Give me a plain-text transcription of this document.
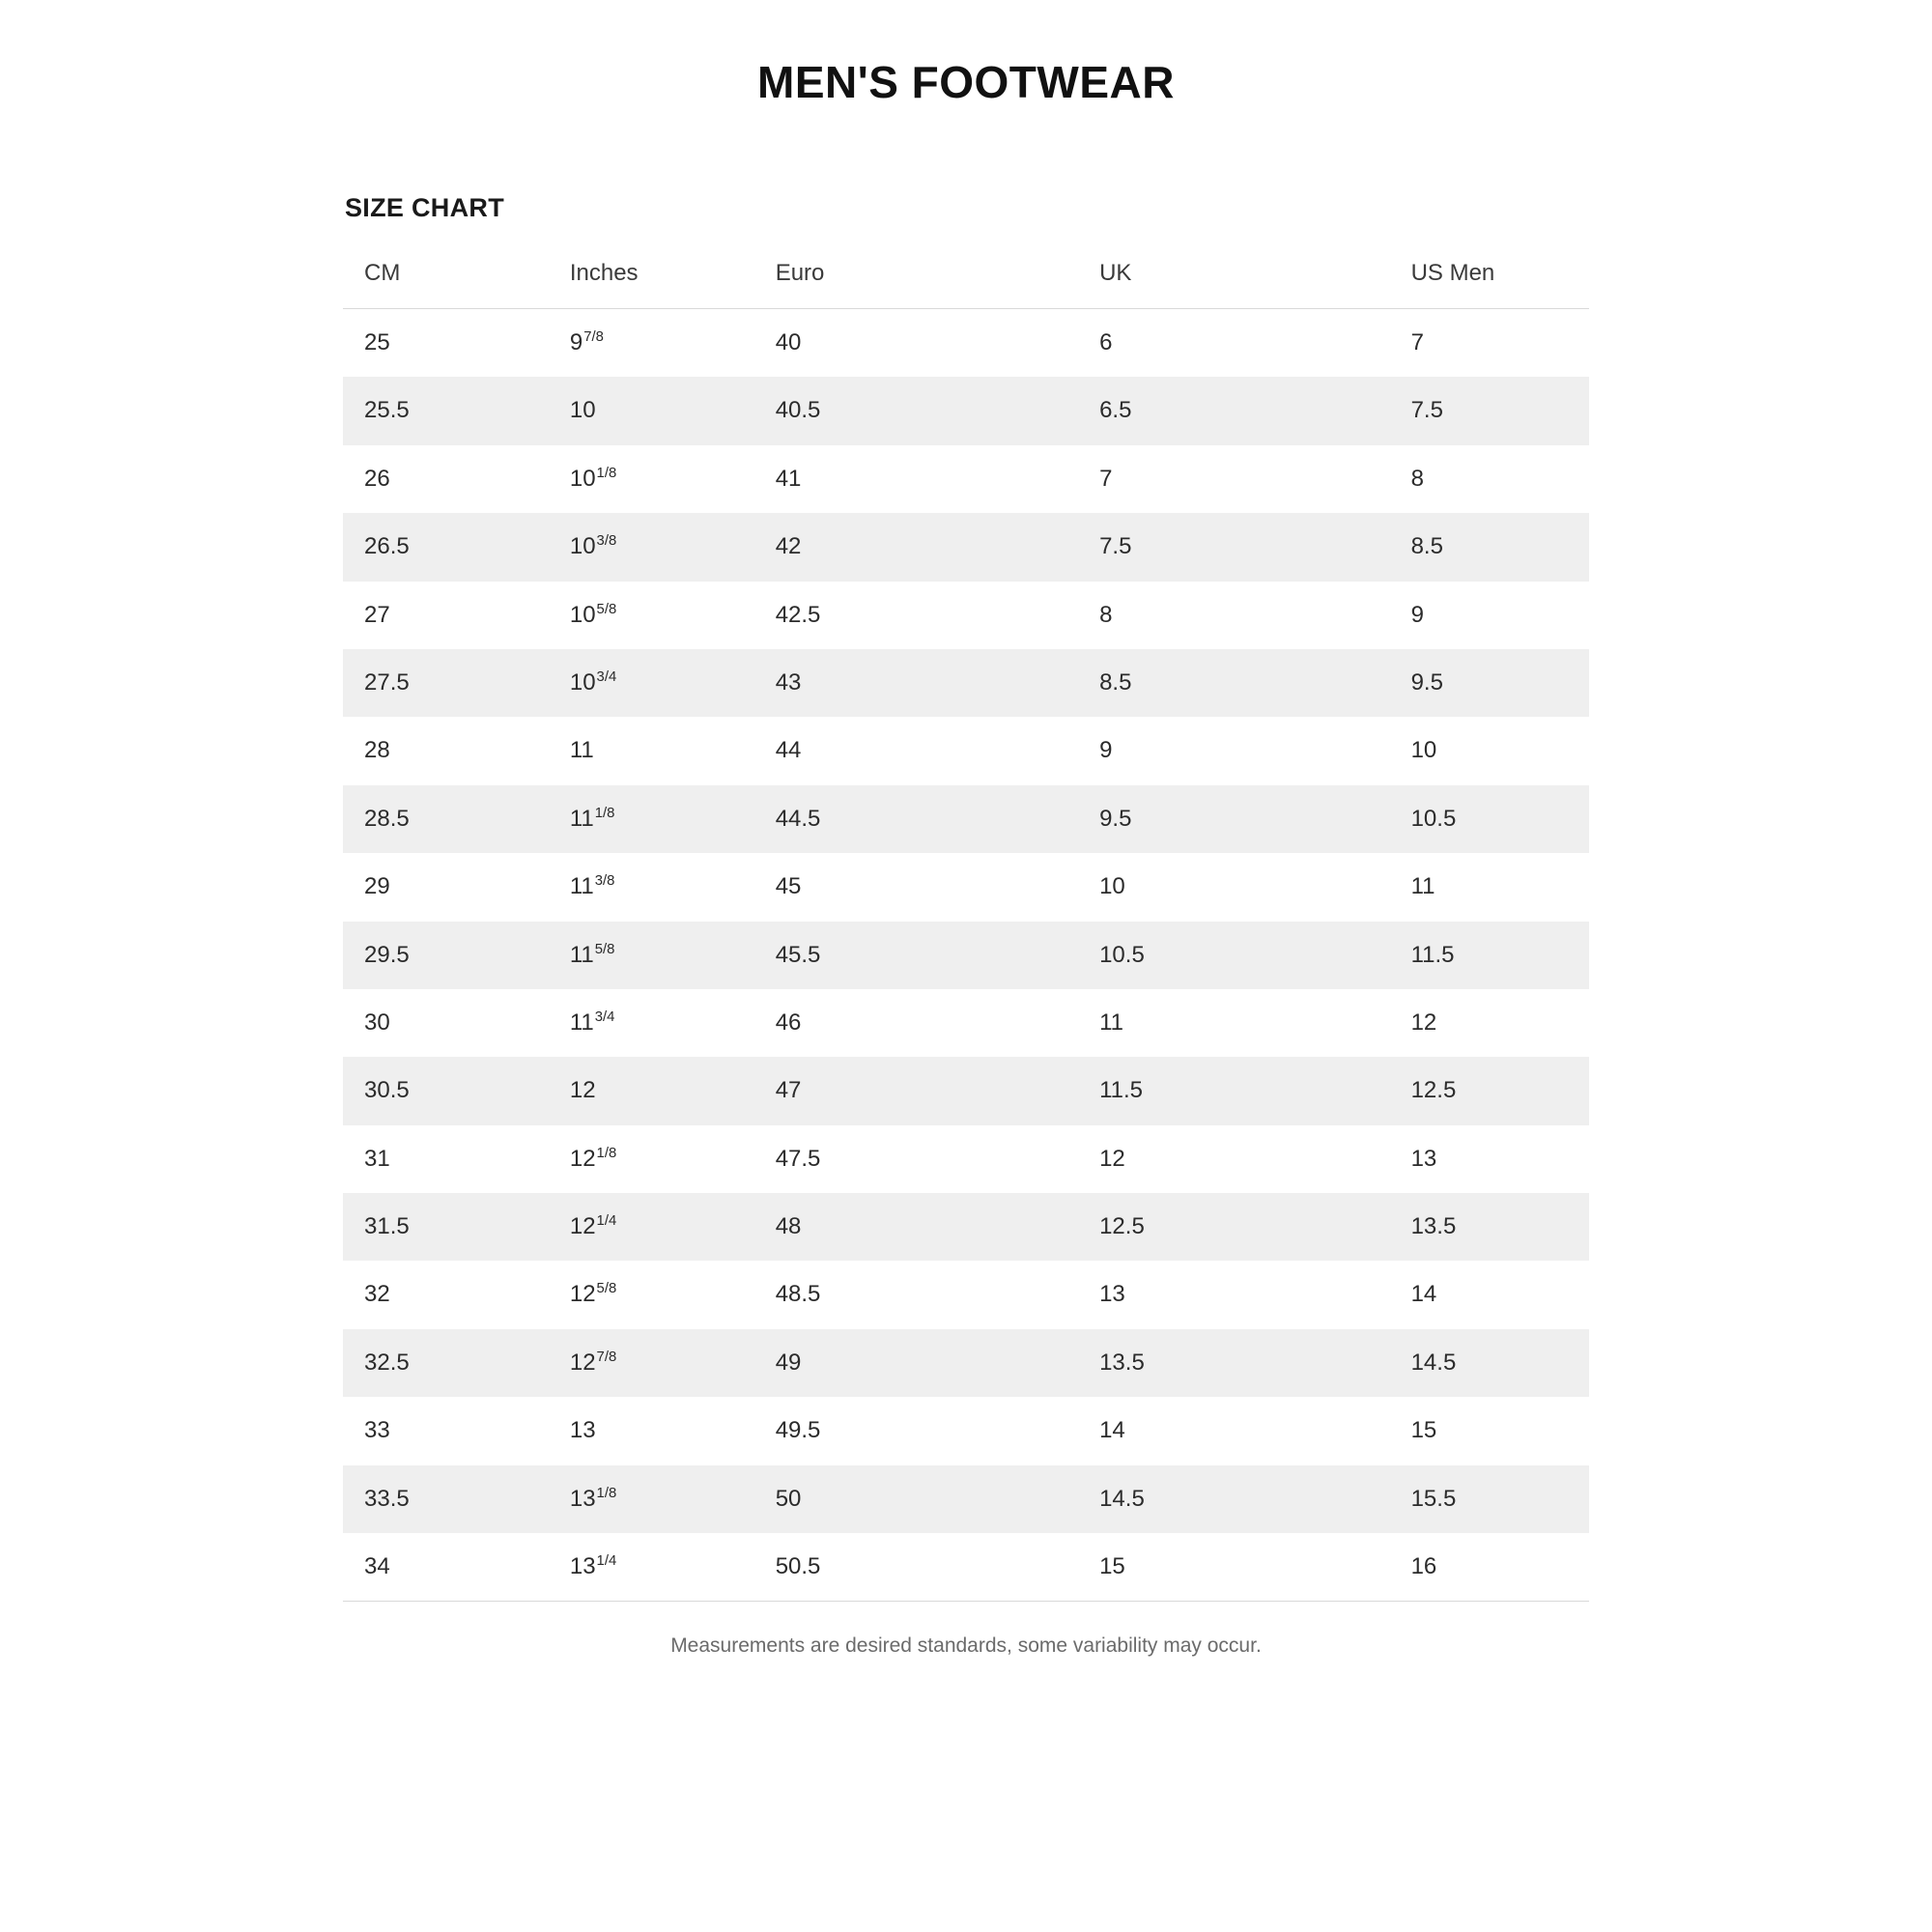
MEN'S FOOTWEAR
SIZE CHART
CM	Inches	Euro	UK	US Men
25	$9^{7/8}$	40	6	7
25.5	10	40.5	6.5	7.5
26	$10^{1/8}$	41	7	8
26.5	$10^{3/8}$	42	7.5	8.5
27	$10^{5/8}$	42.5	8	9
27.5	$10^{3/4}$	43	8.5	9.5
28	11	44	9	10
28.5	$11^{1/8}$	44.5	9.5	10.5
29	$11^{3/8}$	45	10	11
29.5	$11^{5/8}$	45.5	10.5	11.5
30	$11^{3/4}$	46	11	12
30.5	12	47	11.5	12.5
31	$12^{1/8}$	47.5	12	13
31.5	$12^{1/4}$	48	12.5	13.5
32	$12^{5/8}$	48.5	13	14
32.5	$12^{7/8}$	49	13.5	14.5
33	13	49.5	14	15
33.5	$13^{1/8}$	50	14.5	15.5
34	$13^{1/4}$	50.5	15	16
Measurements are desired standards, some variability may occur.
